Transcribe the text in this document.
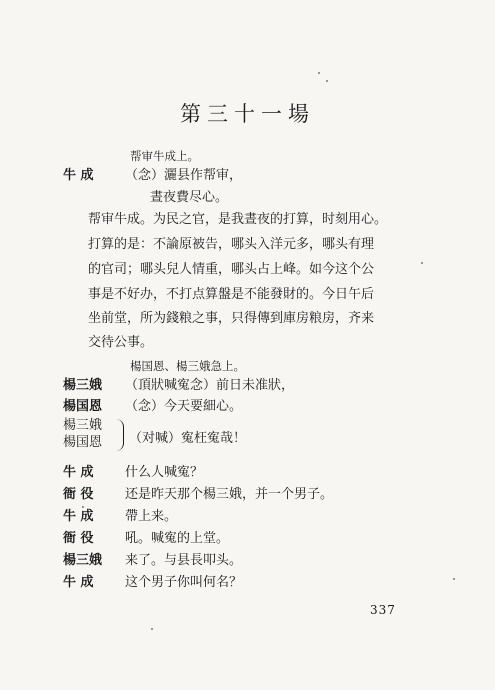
第三十一場
帮审牛成上。
牛 成 （念）灑县作帮审，
晝夜費尽心。
帮审牛成。为民之官，是我晝夜的打算，时刻用心。
打算的是：不論原被告，哪头入洋元多，哪头有理
的官司；哪头兒人情重，哪头占上峰。如今这个公
事是不好办，不打点算盤是不能發財的。今日午后
坐前堂，所为錢粮之事，只得傳到庫房粮房，齐来
交待公事。
楊国恩、楊三娥急上。
楊三娥 （頂狀喊寃念）前日未准狀，
楊国恩 （念）今天要細心。
楊三娥
楊国恩 （对喊）寃枉寃哉！
牛 成 什么人喊寃？
衙 役 还是昨天那个楊三娥，并一个男子。
牛 成 帶上来。
衙 役 吼。喊寃的上堂。
楊三娥 来了。与县長叩头。
牛 成 这个男子你叫何名？
337
